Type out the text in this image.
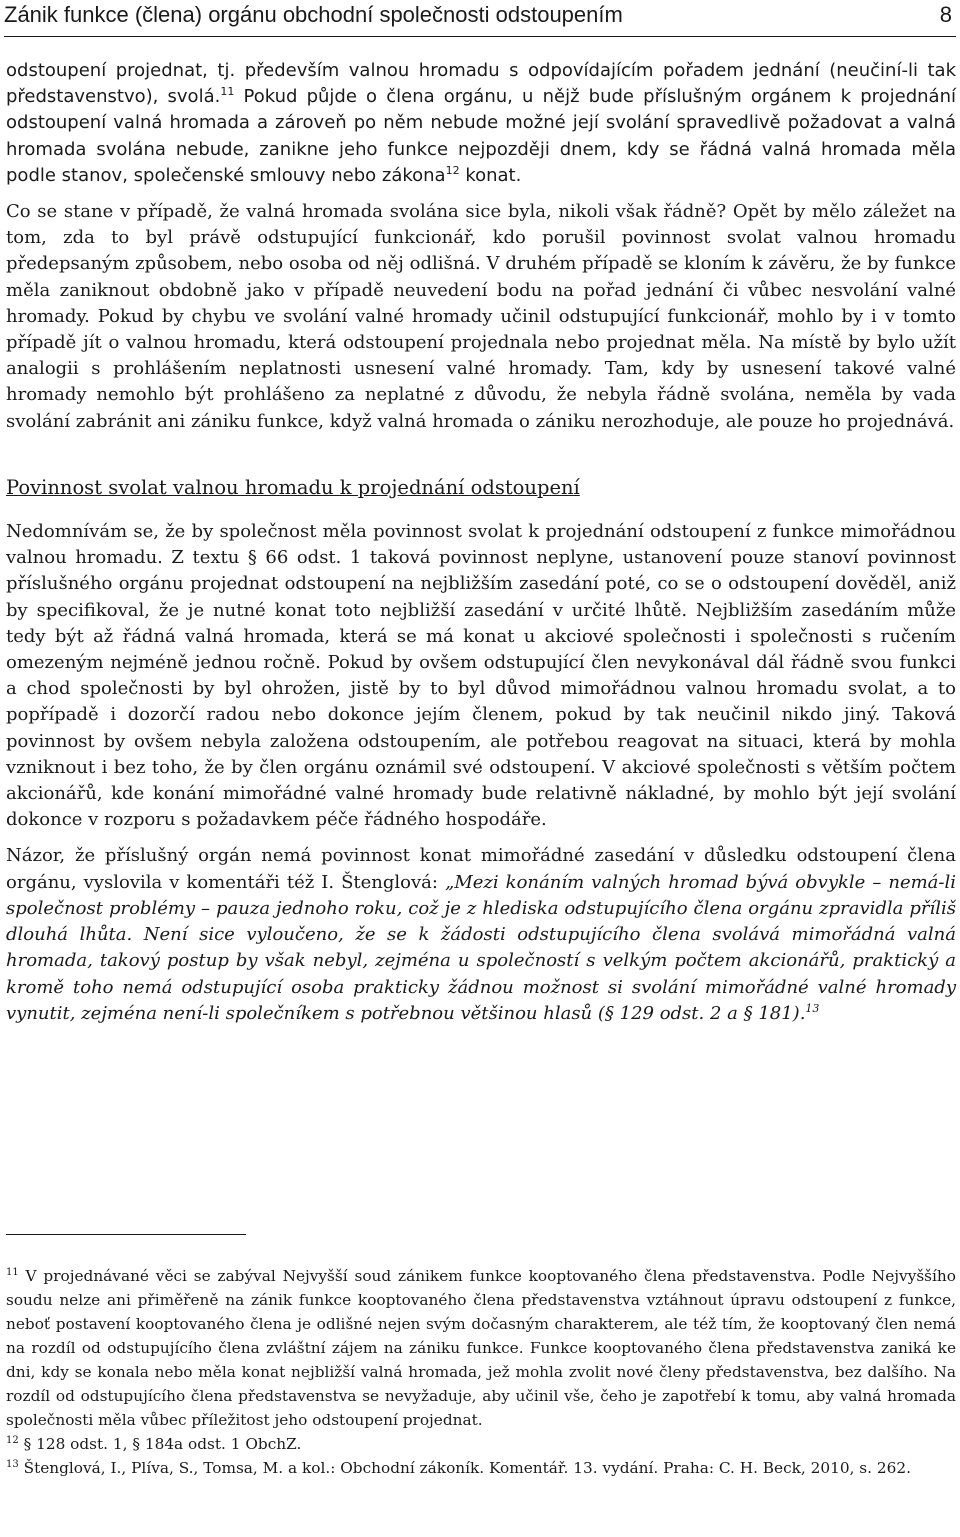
Zánik funkce (člena) orgánu obchodní společnosti odstoupením	8

odstoupení projednat, tj. především valnou hromadu s odpovídajícím pořadem jednání (neučiní-li tak představenstvo), svolá.$^{11}$ Pokud půjde o člena orgánu, u nějž bude příslušným orgánem k projednání odstoupení valná hromada a zároveň po něm nebude možné její svolání spravedlivě požadovat a valná hromada svolána nebude, zanikne jeho funkce nejpozději dnem, kdy se řádná valná hromada měla podle stanov, společenské smlouvy nebo zákona$^{12}$ konat.

Co se stane v případě, že valná hromada svolána sice byla, nikoli však řádně? Opět by mělo záležet na tom, zda to byl právě odstupující funkcionář, kdo porušil povinnost svolat valnou hromadu předepsaným způsobem, nebo osoba od něj odlišná. V druhém případě se kloním k závěru, že by funkce měla zaniknout obdobně jako v případě neuvedení bodu na pořad jednání či vůbec nesvolání valné hromady. Pokud by chybu ve svolání valné hromady učinil odstupující funkcionář, mohlo by i v tomto případě jít o valnou hromadu, která odstoupení projednala nebo projednat měla. Na místě by bylo užít analogii s prohlášením neplatnosti usnesení valné hromady. Tam, kdy by usnesení takové valné hromady nemohlo být prohlášeno za neplatné z důvodu, že nebyla řádně svolána, neměla by vada svolání zabránit ani zániku funkce, když valná hromada o zániku nerozhoduje, ale pouze ho projednává.

Povinnost svolat valnou hromadu k projednání odstoupení

Nedomnívám se, že by společnost měla povinnost svolat k projednání odstoupení z funkce mimořádnou valnou hromadu. Z textu § 66 odst. 1 taková povinnost neplyne, ustanovení pouze stanoví povinnost příslušného orgánu projednat odstoupení na nejbližším zasedání poté, co se o odstoupení dověděl, aniž by specifikoval, že je nutné konat toto nejbližší zasedání v určité lhůtě. Nejbližším zasedáním může tedy být až řádná valná hromada, která se má konat u akciové společnosti i společnosti s ručením omezeným nejméně jednou ročně. Pokud by ovšem odstupující člen nevykonával dál řádně svou funkci a chod společnosti by byl ohrožen, jistě by to byl důvod mimořádnou valnou hromadu svolat, a to popřípadě i dozorčí radou nebo dokonce jejím členem, pokud by tak neučinil nikdo jiný. Taková povinnost by ovšem nebyla založena odstoupením, ale potřebou reagovat na situaci, která by mohla vzniknout i bez toho, že by člen orgánu oznámil své odstoupení. V akciové společnosti s větším počtem akcionářů, kde konání mimořádné valné hromady bude relativně nákladné, by mohlo být její svolání dokonce v rozporu s požadavkem péče řádného hospodáře.

Názor, že příslušný orgán nemá povinnost konat mimořádné zasedání v důsledku odstoupení člena orgánu, vyslovila v komentáři též I. Štenglová: „Mezi konáním valných hromad bývá obvykle – nemá-li společnost problémy – pauza jednoho roku, což je z hlediska odstupujícího člena orgánu zpravidla příliš dlouhá lhůta. Není sice vyloučeno, že se k žádosti odstupujícího člena svolává mimořádná valná hromada, takový postup by však nebyl, zejména u společností s velkým počtem akcionářů, praktický a kromě toho nemá odstupující osoba prakticky žádnou možnost si svolání mimořádné valné hromady vynutit, zejména není-li společníkem s potřebnou většinou hlasů (§ 129 odst. 2 a § 181).$^{13}$

$^{11}$ V projednávané věci se zabýval Nejvyšší soud zánikem funkce kooptovaného člena představenstva. Podle Nejvyššího soudu nelze ani přiměřeně na zánik funkce kooptovaného člena představenstva vztáhnout úpravu odstoupení z funkce, neboť postavení kooptovaného člena je odlišné nejen svým dočasným charakterem, ale též tím, že kooptovaný člen nemá na rozdíl od odstupujícího člena zvláštní zájem na zániku funkce. Funkce kooptovaného člena představenstva zaniká ke dni, kdy se konala nebo měla konat nejbližší valná hromada, jež mohla zvolit nové členy představenstva, bez dalšího. Na rozdíl od odstupujícího člena představenstva se nevyžaduje, aby učinil vše, čeho je zapotřebí k tomu, aby valná hromada společnosti měla vůbec příležitost jeho odstoupení projednat.

$^{12}$ § 128 odst. 1, § 184a odst. 1 ObchZ.

$^{13}$ Štenglová, I., Plíva, S., Tomsa, M. a kol.: Obchodní zákoník. Komentář. 13. vydání. Praha: C. H. Beck, 2010, s. 262.
